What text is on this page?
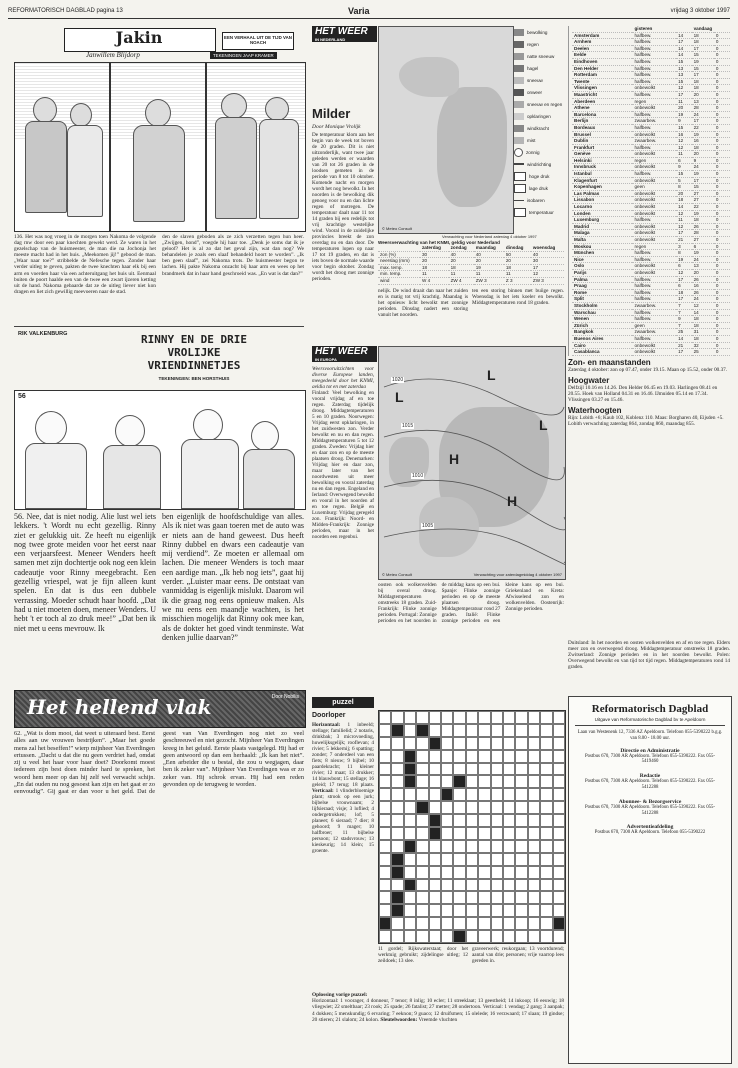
REFORMATORISCH DAGBLAD pagina 13	Varia	vrijdag 3 oktober 1997
Jakin	EEN VERHAAL UIT DE TIJD VAN NOACH
Janwillem Blijdorp	TEKENINGEN JAAP KRAMER
136. Het was nog vroeg in de morgen toen Nakoma de volgende dag rnw door een paar knechten gewekt werd. Ze waren in het gezelschap van de huismeester, de man die na Jochonja het meeste macht had in het huis. „Meekomen jij!” gebood de man. „Waar naar toe?” stribbelde de Nefesche tegen. Zonder haar verder uitleg te geven, pakten de twee knechten haar elk bij een arm en voerden haar via een achteruitgang het huis uit. Eenmaal buiten de poort haalde een van de twee een zwart ijzeren ketting uit de hand. Nakoma gebaarde dat ze de uitleg liever niet kon dragen en liet zich gewillig meevoeren naar de stad.
den de slaven geboden als ze zich verzetten tegen hun heer. „Zwijgen, hond”, voegde hij haar toe. „Denk je soms dat ik je geloof? Het is al zo dat het geval zijn, wat dan nog? We behandelen je zoals een slaaf behandeld hoort te worden”. „Ik ben geen slaaf”, zei Nakoma trots. De huismeester begon te lachen. Hij pakte Nakoma onzacht bij haar arm en wees op het brandmerk dat in haar hand geschroeid was. „En wat is dat dan?”
RIK VALKENBURG	RINNY EN DE DRIE
VROLIJKE
VRIENDINNETJES
TEKENINGEN: BEN HORSTHUIS
56
56. Nee, dat is niet nodig. Alie lust wel iets lekkers. 't Wordt nu echt gezellig. Rinny ziet er gelukkig uit. Ze heeft nu eigenlijk nog twee grote meiden voor het eerst naar een verjaarsfeest. Meneer Wenders heeft samen met zijn dochtertje ook nog een klein cadeautje voor Rinny meegebracht. Een gezellig vriespel, wat je fijn alleen kunt spelen. En dat is dus een dubbele verrassing. Moeder schudt haar hoofd. „Dat had u niet moeten doen, meneer Wenders. U hebt 't er toch al zo druk mee!” „Dat ben ik niet met u eens mevrouw. Ik
ben eigenlijk de hoofdschuldige van alles. Als ik niet was gaan toeren met de auto was er niets aan de hand geweest. Dus heeft Rinny dubbel en dwars een cadeautje van mij verdiend”. Ze moeten er allemaal om lachen. Die meneer Wenders is toch maar een aardige man. „Ik heb nog iets”, gaat hij verder. „Luister maar eens. De ontstaat van vanmiddag is eigenlijk mislukt. Daarom wil ik die graag nog eens opnieuw maken. Als we nu eens een maandje wachten, is het misschien mogelijk dat Rinny ook mee kan, als de dokter het goed vindt tenminste. Wat denken jullie daarvan?”
Het hellend vlak	Door Nobilis
62. „Wat is dom mooi, dat weet u uiteraard best. Eerst alles aan uw vrouwen bestrijken”. „Maar het goede mens zal het beseffen!” wierp mijnheer Van Everdingen ertussen. „Dacht u dat die nu geen verdriet had, omdat zij u veel het haar voor haar doet? Doorkomt moest iedereen zijn best doen minder hard te spreken, het woord hem meer op dan hij zelf wel verwacht schijn. „En dat ouden nu nog gesoest kan zijn en het gaat er zo eenvoudig”. Gij gaat er dan voor u het geld. Dat de geest van Van Everdingen nog niet zo veel geschreeuwd en niet gezocht. Mijnheer Van Everdingen kreeg in het geluid. Eerste plaats vastgelegd. Hij had er geen antwoord op dan een herhaald: „Ik kan het niet”. „Een arbeider die u bestal, die zou u wegjagen, daar ben ik zeker van”. Mijnheer Van Everdingen was er zo zeker van. Hij schrok ervan. Hij had een reden gevonden op de terugweg te worden.
HET WEER
IN NEDERLAND
Milder
Door Monique Vrolijk
De temperatuur klom aan het begin van de week tot boven de 20 graden. Dit is niet uitzonderlijk, want twee jaar geleden werden er waarden van 20 tot 26 graden in de loodsen gemeten in de periode van 8 tot 10 oktober. Komende nacht en morgen wordt het nog bewolkt. In het noorden is de bewolking dik genoeg voor nu en dan lichte regen of motregen. De temperatuur daalt naar 11 tot 14 graden bij een redelijk tot vrij krachtige westelijke wind. Vooral in de zuidelijke provincies breekt de zon overdag nu en dan door. De temperaturen lopen op naar 17 tot 19 graden, en dat is iets boven de normale waarde voor begin oktober. Zondag wordt het droog met zonnige perioden.
© Meteo Consult
bewolking
regen
natte sneeuw
hagel
sneeuw
onweer
sneeuw en regen
opklaringen
windkracht
mist
zonnig
windrichting
hoge druk
lage druk
isobaren
temperatuur
Verwachting voor Nederland zaterdag 4 oktober 1997
Weersverwachting van het KNMI, geldig voor Nederland
	zaterdag	zondag	maandag	dinsdag	woensdag
zon (%)	30	40	40	50	40
neerslag (mm)	20	20	20	20	30
max. temp.	18	18	19	18	17
min. temp.	11	11	11	11	12
wind	W 4	ZW 4	ZW 3	Z 3	ZW 3
nelijk. De wind draait dan naar het zuiden en is matig tot vrij krachtig. Maandag is het opnieuw licht bewolkt met zonnige perioden. Dinsdag nadert een storing vanuit het noorden.
ten een storing binnen met buiige regen. Woensdag is het iets koeler en bewolkt. Middagtemperaturen rond 18 graden.
	gisteren		vandaag	
Amsterdam	halfbew.	14	18	0
Arnhem	halfbew.	17	18	0
Deelen	halfbew.	14	17	0
Eelde	halfbew.	14	15	0
Eindhoven	halfbew.	15	19	0
Den Helder	halfbew.	13	15	0
Rotterdam	halfbew.	13	17	0
Twente	halfbew.	15	18	0
Vlissingen	onbewolkt	12	18	0
Maastricht	halfbew.	17	20	0
Aberdeen	regen	11	13	0
Athene	onbewolkt	20	28	0
Barcelona	halfbew.	19	24	0
Berlijn	zwaarbew.	9	17	0
Bordeaux	halfbew.	15	22	0
Brussel	onbewolkt	16	19	0
Dublin	zwaarbew.	12	16	0
Frankfurt	halfbew.	12	18	0
Genève	onbewolkt	11	20	0
Helsinki	regen	6	9	0
Innsbruck	onbewolkt	9	24	0
Istanbul	halfbew.	15	19	0
Klagenfurt	onbewolkt	5	17	0
Kopenhagen	geen	8	15	0
Las Palmas	onbewolkt	20	27	0
Lissabon	onbewolkt	18	27	0
Locarno	onbewolkt	14	22	0
Londen	onbewolkt	12	19	0
Luxemburg	halfbew.	11	18	0
Madrid	onbewolkt	12	26	0
Malaga	onbewolkt	17	28	0
Malta	onbewolkt	21	27	0
Moskou	regen	3	6	0
München	halfbew.	8	19	0
Nice	halfbew.	19	24	0
Oslo	onbewolkt	6	13	0
Parijs	onbewolkt	12	20	0
Palma	halfbew.	17	26	0
Praag	halfbew.	6	16	0
Rome	halfbew.	18	26	0
Split	halfbew.	17	24	0
Stockholm	zwaarbew.	7	12	0
Warschau	halfbew.	7	14	0
Wenen	halfbew.	9	18	0
Zürich	geen	7	18	0
Bangkok	zwaarbew.	25	31	0
Buenos Aires	halfbew.	14	18	0
Cairo	onbewolkt	21	32	0
Casablanca	onbewolkt	17	25	0

Zon- en maanstanden
Zaterdag 4 oktober: zon op 07.47, onder 19.15. Maan op 15.52, onder 00.37.
Hoogwater
Delfzijl 10.16 en 14.26. Den Helder 06.45 en 19.03. Harlingen 08.41 en 20.55. Hoek van Holland 04.31 en 16.46. IJmuiden 05.14 en 17.34. Vlissingen 03.27 en 15.46.
Waterhoogten
Rijn: Lobith +6; Kaub 102, Koblenz 110. Maas: Borgharen 40, Eijsden +5. Lobith verwachting zaterdag 864, zondag 860, maandag 855.
HET WEER
IN EUROPA
Weersvooruitzichten voor diverse Europese landen, meegedeeld door het KNMI, geldig tot en met zaterdag
Finland: Veel bewolking en vooral vrijdag af en toe regen. Zaterdag tijdelijk droog. Middagtemperaturen 5 en 10 graden. Noorwegen: Vrijdag eerst opklaringen, in het zuidwesten zon. Verder bewolkt en nu en dan regen. Middagtemperaturen 5 tot 12 graden. Zweden: Vrijdag hier en daar zon en op de meeste plaatsen droog. Denemarken: Vrijdag hier en daar zon, maar later van het noordwesten uit meer bewolking en vooral zaterdag nu en dan regen. Engeland en Ierland: Overwegend bewolkt en vooral in het noorden af en toe regen. België en Luxemburg: Vrijdag geregeld zon. Frankrijk: Noord- en Midden-Frankrijk: Zonnige perioden, maar in het noorden een regenbui.
1020
1015
1010
1005
L
L
H
H
L
© Meteo Consult	Verwachting voor zaterdagmiddag 4 oktober 1997
oosten ook wolkenvelden bij overal droog. Middagtemperaturen omstreeks 18 graden. Zuid-Frankrijk: Flinke zonnige perioden. Portugal: Zonnige perioden en het noorden in de middag kans op een bui. Spanje: Flinke zonnige perioden en op de meeste plaatsen droog. Middagtemperatuur rond 27 graden. Italië: Flinke zonnige perioden en een kleine kans op een bui. Griekenland en Kreta: Afwisselend zon en wolkenvelden. Oostenrijk: Zonnige perioden.
Duitsland: In het noorden en oosten wolkenvelden en af en toe regen. Elders meer zon en overwegend droog. Middagtemperatuur omstreeks 18 graden. Zwitserland: Zonnige perioden en in het noorden bewolkt. Polen: Overwegend bewolkt en van tijd tot tijd regen. Middagtemperaturen rond 14 graden.
puzzel
Doorloper
Horizontaal: 1 inbeeld; stellage; familielid; 2 notaris, drinkbak; 3 microvoeding, huwelijksgelijk; rooflevan; 4 rivier; 5 lekkernij; 6 spatting; zonder; 7 onderdeel van een fiets; 8 nieuw; 9 bijbel; 10 paardekracht; 11 kleiner rivier; 12 maat; 13 drukker; 14 blauwbont; 15 stellage; 16 geleid; 17 terug; 18 plaats. Verticaal: 1 vlinderbloemige plant; strook op een jurk; bijbelse vrouwnaam; 2 lijfsieraad; visje; 3 loflied; 4 ondergetrokken; lof; 5 planeet; 6 sieraad; 7 dier; 8 gehoord; 9 mager; 10 halfbroer; 11 bijbelse persoon; 12 stadsvrouw; 13 kieskeurig; 14 klein; 15 groente.
11 gordel; Rijkswaterstaat; door het werktuig gebruikt; zijdelingse uitleg; 12 zeildoek; 13 slee.
graveerwerk; reukorgaan; 13 voortdurend; aantal van drie; personen; vrije vaarrop lees gereden in.
Oplossing vorige puzzel:
Horizontaal: 1 voorager, 4 donneur, 7 tenor; 8 inlig; 10 ecler; 11 streeklaat; 13 geestheid; 14 inkoop; 16 eeuwig; 18 vliegwiet; 22 smeltbaar; 23 rook; 25 spade; 26 fatalist; 27 metter; 28 ondertoon. Verticaal: 1 vendag; 2 gang; 3 aanpak; 4 dokken; 5 menskundig; 6 ervaring; 7 eeknon; 9 guaco; 12 druifsmen; 15 olelede; 16 verzwaard; 17 slaan; 19 gindse; 20 stieren; 21 slalom; 24 kolon. Sleutelwoorden: Vreemde vluchten
Reformatorisch Dagblad
Uitgave van Reformatorische Dagblad bv te Apeldoorn
Laan van Westenenk 12, 7336 AZ Apeldoorn. Telefoon 055-5390222 b.g.g. van 8.00 - 18.00 uur.
Directie en Administratie
Postbus 670, 7300 AR Apeldoorn. Telefoon 055-5390222. Fax 055-5419460
Redactie
Postbus 670, 7300 AR Apeldoorn. Telefoon 055-5390222. Fax 055-5412288
Abonnee- & Bezorgservice
Postbus 670, 7300 AR Apeldoorn. Telefoon 055-5390222. Fax 055-5412288
Advertentieafdeling
Postbus 670, 7300 AR Apeldoorn. Telefoon 055-5390222
